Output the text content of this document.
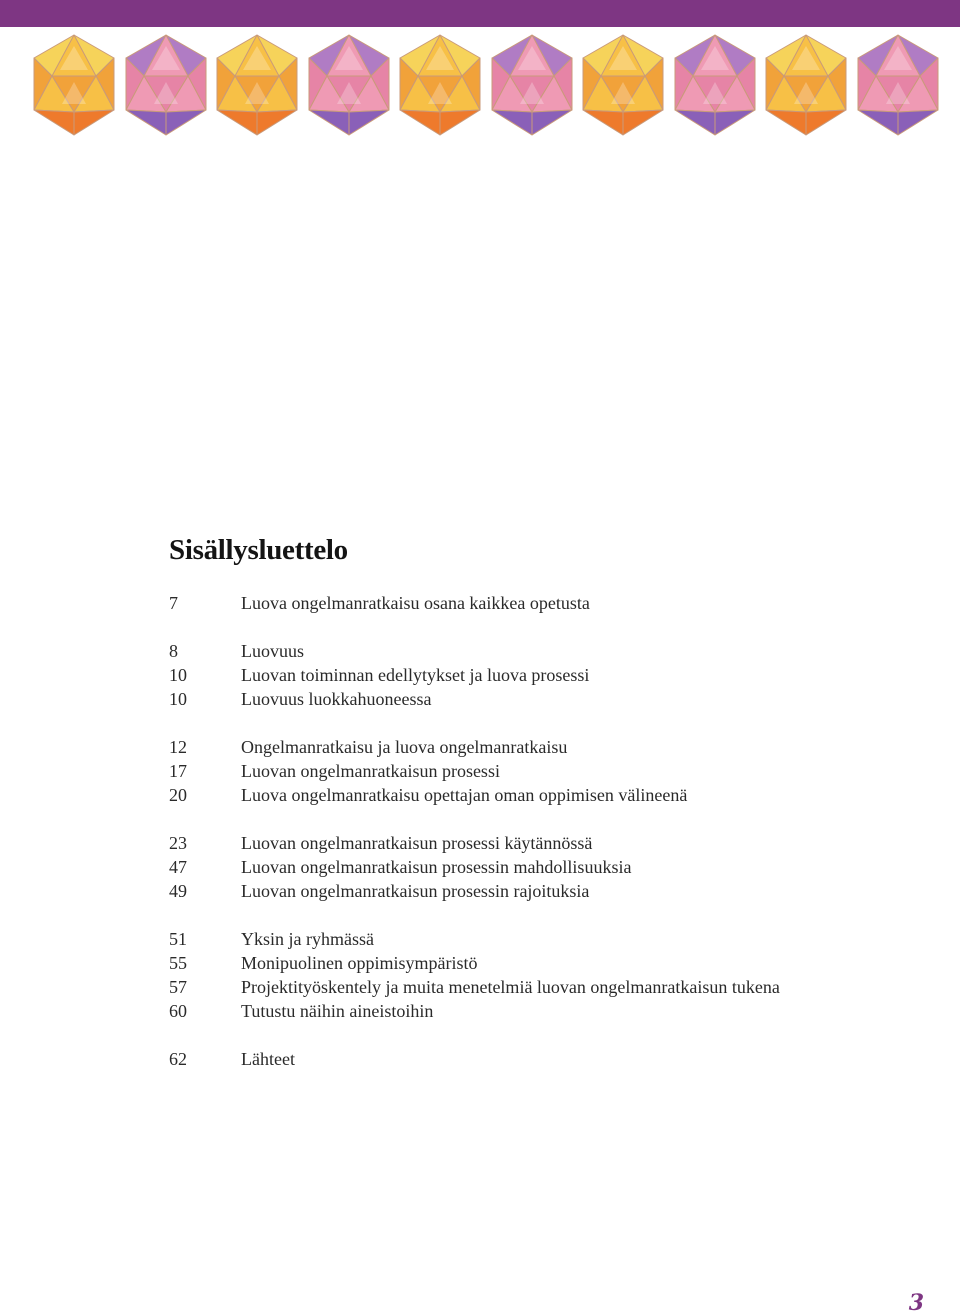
Sisällysluettelo
7	Luova ongelmanratkaisu osana kaikkea opetusta
8	Luovuus
10	Luovan toiminnan edellytykset ja luova prosessi
10	Luovuus luokkahuoneessa
12	Ongelmanratkaisu ja luova ongelmanratkaisu
17	Luovan ongelmanratkaisun prosessi
20	Luova ongelmanratkaisu opettajan oman oppimisen välineenä
23	Luovan ongelmanratkaisun prosessi käytännössä
47	Luovan ongelmanratkaisun prosessin mahdollisuuksia
49	Luovan ongelmanratkaisun prosessin rajoituksia
51	Yksin ja ryhmässä
55	Monipuolinen oppimisympäristö
57	Projektityöskentely ja muita menetelmiä luovan ongelmanratkaisun tukena
60	Tutustu näihin aineistoihin
62	Lähteet
3
